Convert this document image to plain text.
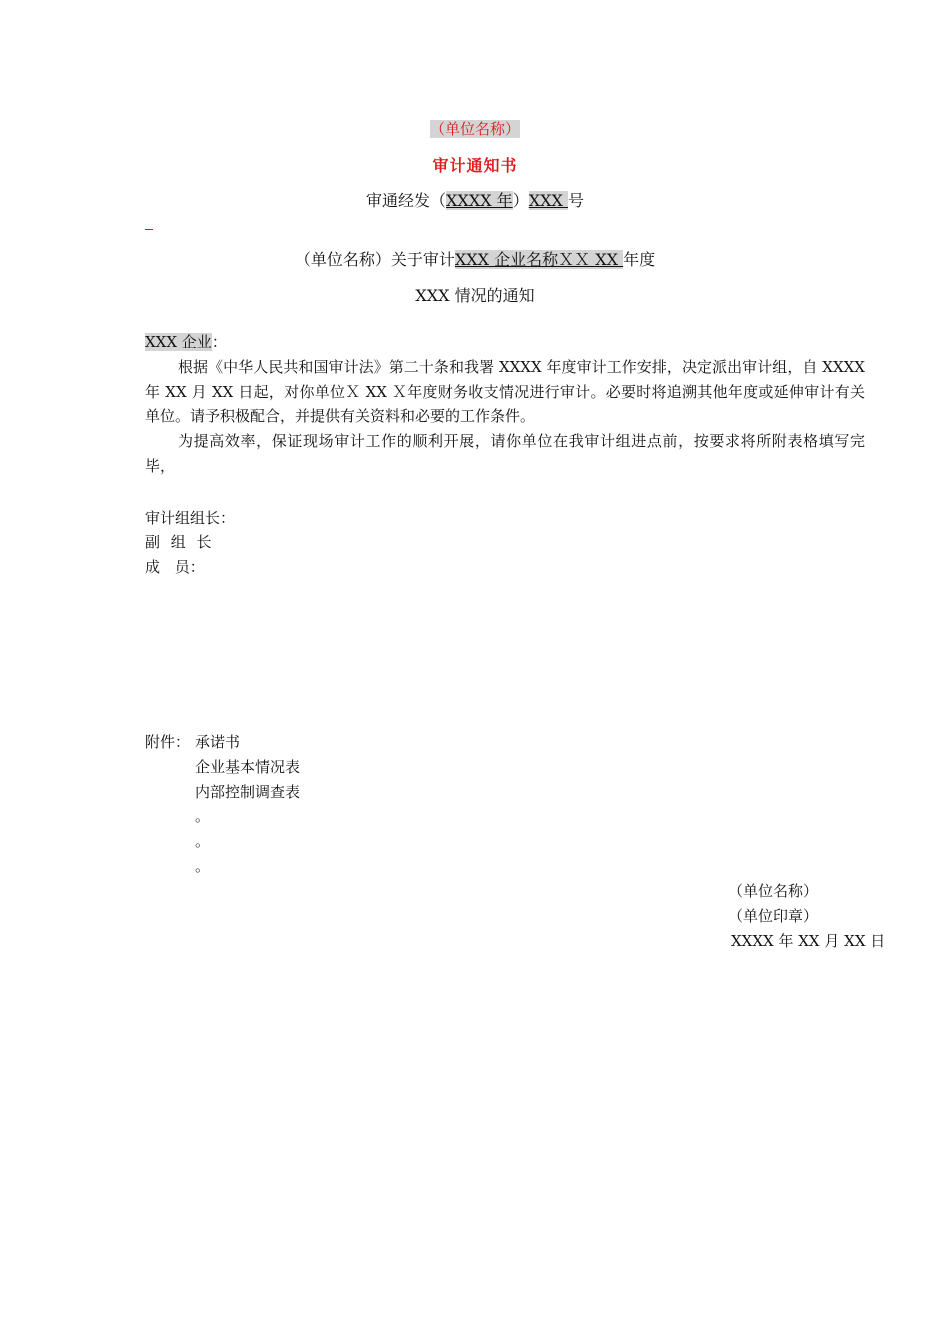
（单位名称）
审计通知书
审通经发（XXXX 年）XXX 号
（单位名称）关于审计XXX 企业名称ＸＸ XX 年度
XXX 情况的通知
XXX 企业：
根据《中华人民共和国审计法》第二十条和我署 XXXX 年度审计工作安排，决定派出审计组，自 XXXX 年 XX 月 XX 日起，对你单位Ｘ XX Ｘ年度财务收支情况进行审计。必要时将追溯其他年度或延伸审计有关单位。请予积极配合，并提供有关资料和必要的工作条件。
为提高效率，保证现场审计工作的顺利开展，请你单位在我审计组进点前，按要求将所附表格填写完毕，
审计组组长：
副 组 长
成 员：
附件： 承诺书
企业基本情况表
内部控制调查表
。
。
。
（单位名称）
（单位印章）
XXXX 年 XX 月 XX 日
